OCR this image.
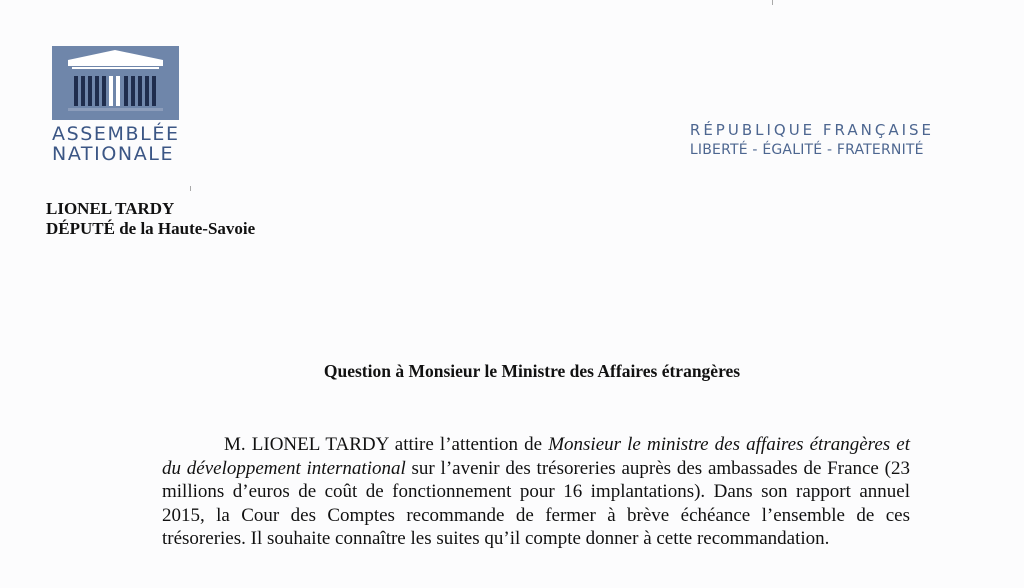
ASSEMBLÉE
NATIONALE
RÉPUBLIQUE FRANÇAISE
LIBERTÉ - ÉGALITÉ - FRATERNITÉ
LIONEL TARDY
DÉPUTÉ de la Haute-Savoie
Question à Monsieur le Ministre des Affaires étrangères
M. LIONEL TARDY attire l’attention de Monsieur le ministre des affaires étrangères et du développement international sur l’avenir des trésoreries auprès des ambassades de France (23 millions d’euros de coût de fonctionnement pour 16 implantations). Dans son rapport annuel 2015, la Cour des Comptes recommande de fermer à brève échéance l’ensemble de ces trésoreries. Il souhaite connaître les suites qu’il compte donner à cette recommandation.
